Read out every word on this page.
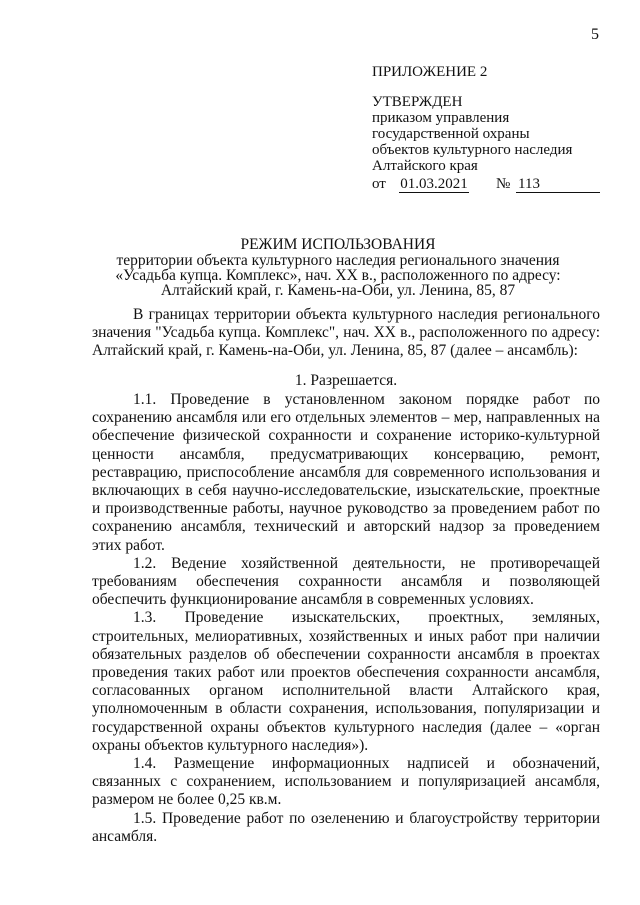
5
ПРИЛОЖЕНИЕ 2
УТВЕРЖДЕН
приказом управления
государственной охраны
объектов культурного наследия
Алтайского края
от 01.03.2021 № 113
РЕЖИМ ИСПОЛЬЗОВАНИЯ
территории объекта культурного наследия регионального значения
«Усадьба купца. Комплекс», нач. XX в., расположенного по адресу:
Алтайский край, г. Камень-на-Оби, ул. Ленина, 85, 87

В границах территории объекта культурного наследия регионального значения "Усадьба купца. Комплекс", нач. XX в., расположенного по адресу: Алтайский край, г. Камень-на-Оби, ул. Ленина, 85, 87 (далее – ансамбль):

1. Разрешается.

1.1. Проведение в установленном законом порядке работ по сохранению ансамбля или его отдельных элементов – мер, направленных на обеспечение физической сохранности и сохранение историко-культурной ценности ансамбля, предусматривающих консервацию, ремонт, реставрацию, приспособление ансамбля для современного использования и включающих в себя научно-исследовательские, изыскательские, проектные и производственные работы, научное руководство за проведением работ по сохранению ансамбля, технический и авторский надзор за проведением этих работ.

1.2. Ведение хозяйственной деятельности, не противоречащей требованиям обеспечения сохранности ансамбля и позволяющей обеспечить функционирование ансамбля в современных условиях.

1.3. Проведение изыскательских, проектных, земляных, строительных, мелиоративных, хозяйственных и иных работ при наличии обязательных разделов об обеспечении сохранности ансамбля в проектах проведения таких работ или проектов обеспечения сохранности ансамбля, согласованных органом исполнительной власти Алтайского края, уполномоченным в области сохранения, использования, популяризации и государственной охраны объектов культурного наследия (далее – «орган охраны объектов культурного наследия»).

1.4. Размещение информационных надписей и обозначений, связанных с сохранением, использованием и популяризацией ансамбля, размером не более 0,25 кв.м.

1.5. Проведение работ по озеленению и благоустройству территории ансамбля.
